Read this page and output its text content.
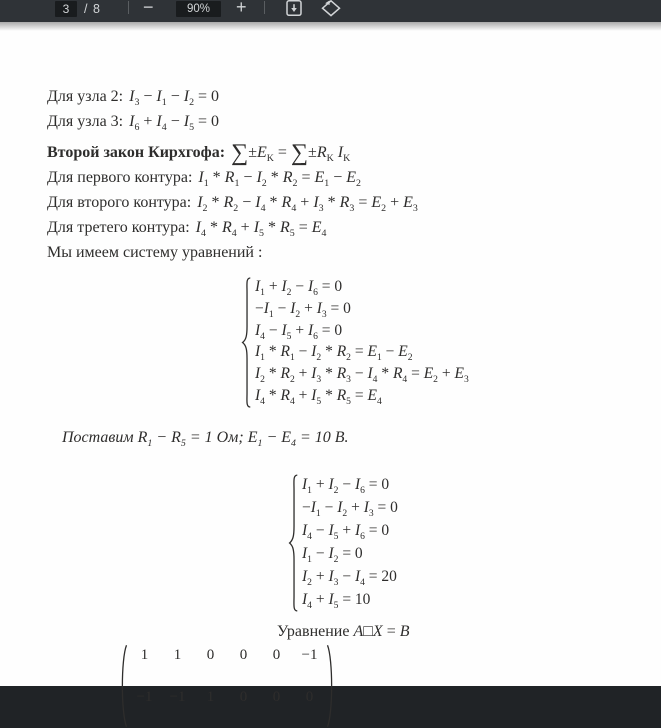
3	/ 8 −
90%	+
Для узла 2: $I_3 - I_1 - I_2 = 0$
Для узла 3: $I_6 + I_4 - I_5 = 0$
Второй закон Кирхгофа: $\sum\pm E_K = \sum\pm R_K$ $I_K$
Для первого контура: $I_1 * R_1 - I_2 * R_2 = E_1 - E_2$
Для второго контура: $I_2 * R_2 - I_4 * R_4 + I_3 * R_3 = E_2 + E_3$
Для третего контура: $I_4 * R_4 + I_5 * R_5 = E_4$
Мы имеем систему уравнений :
$I_1 + I_2 - I_6 = 0$
$-I_1 - I_2 + I_3 = 0$
$I_4 - I_5 + I_6 = 0$
$I_1 * R_1 - I_2 * R_2 = E_1 - E_2$
$I_2 * R_2 + I_3 * R_3 - I_4 * R_4 = E_2 + E_3$
$I_4 * R_4 + I_5 * R_5 = E_4$
Поставим $R_1 - R_5 = 1$ Ом; $E_1 - E_4 = 10$ В.
$I_1 + I_2 - I_6 = 0$
$-I_1 - I_2 + I_3 = 0$
$I_4 - I_5 + I_6 = 0$
$I_1 - I_2 = 0$
$I_2 + I_3 - I_4 = 20$
$I_4 + I_5 = 10$
Уравнение A□X = B
1	1	0	0	0	−1
−1	−1	1	0	0	0
